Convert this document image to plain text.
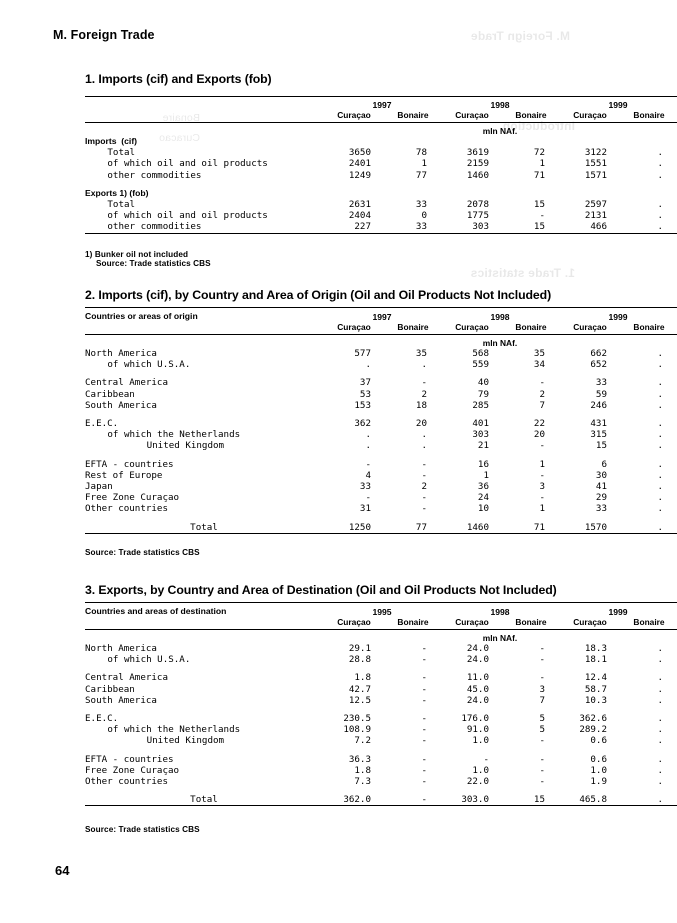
M. Foreign Trade

Introduction

1. Trade statistics

Bonaire

Curacao

M. Foreign Trade
1. Imports (cif) and Exports (fob)
	1997		1998		1999	
	Curaçao	Bonaire	Curaçao	Bonaire	Curaçao	Bonaire
	mln NAf.					
Imports  (cif)						
Total	3650	78	3619	72	3122	.
of which oil and oil products	2401	1	2159	1	1551	.
other commodities	1249	77	1460	71	1571	.

Exports 1) (fob)						
Total	2631	33	2078	15	2597	.
of which oil and oil products	2404	0	1775	-	2131	.
other commodities	227	33	303	15	466	.

1) Bunker oil not included
Source: Trade statistics CBS
2. Imports (cif), by Country and Area of Origin (Oil and Oil Products Not Included)
Countries or areas of origin	1997		1998		1999	
	Curaçao	Bonaire	Curaçao	Bonaire	Curaçao	Bonaire
	mln NAf.					
North America	577	35	568	35	662	.
of which U.S.A.	.	.	559	34	652	.

Central America	37	-	40	-	33	.
Caribbean	53	2	79	2	59	.
South America	153	18	285	7	246	.

E.E.C.	362	20	401	22	431	.
of which the Netherlands	.	.	303	20	315	.
United Kingdom	.	.	21	-	15	.

EFTA - countries	-	-	16	1	6	.
Rest of Europe	4	-	1	-	30	.
Japan	33	2	36	3	41	.
Free Zone Curaçao	-	-	24	-	29	.
Other countries	31	-	10	1	33	.

Total	1250	77	1460	71	1570	.

Source: Trade statistics CBS
3. Exports, by Country and Area of Destination (Oil and Oil Products Not Included)
Countries and areas of destination	1995		1998		1999	
	Curaçao	Bonaire	Curaçao	Bonaire	Curaçao	Bonaire
	mln NAf.					
North America	29.1	-	24.0	-	18.3	.
of which U.S.A.	28.8	-	24.0	-	18.1	.

Central America	1.8	-	11.0	-	12.4	.
Caribbean	42.7	-	45.0	3	58.7	.
South America	12.5	-	24.0	7	10.3	.

E.E.C.	230.5	-	176.0	5	362.6	.
of which the Netherlands	108.9	-	91.0	5	289.2	.
United Kingdom	7.2	-	1.0	-	0.6	.

EFTA - countries	36.3	-	-	-	0.6	.
Free Zone Curaçao	1.8	-	1.0	-	1.0	.
Other countries	7.3	-	22.0	-	1.9	.

Total	362.0	-	303.0	15	465.8	.

Source: Trade statistics CBS
64
